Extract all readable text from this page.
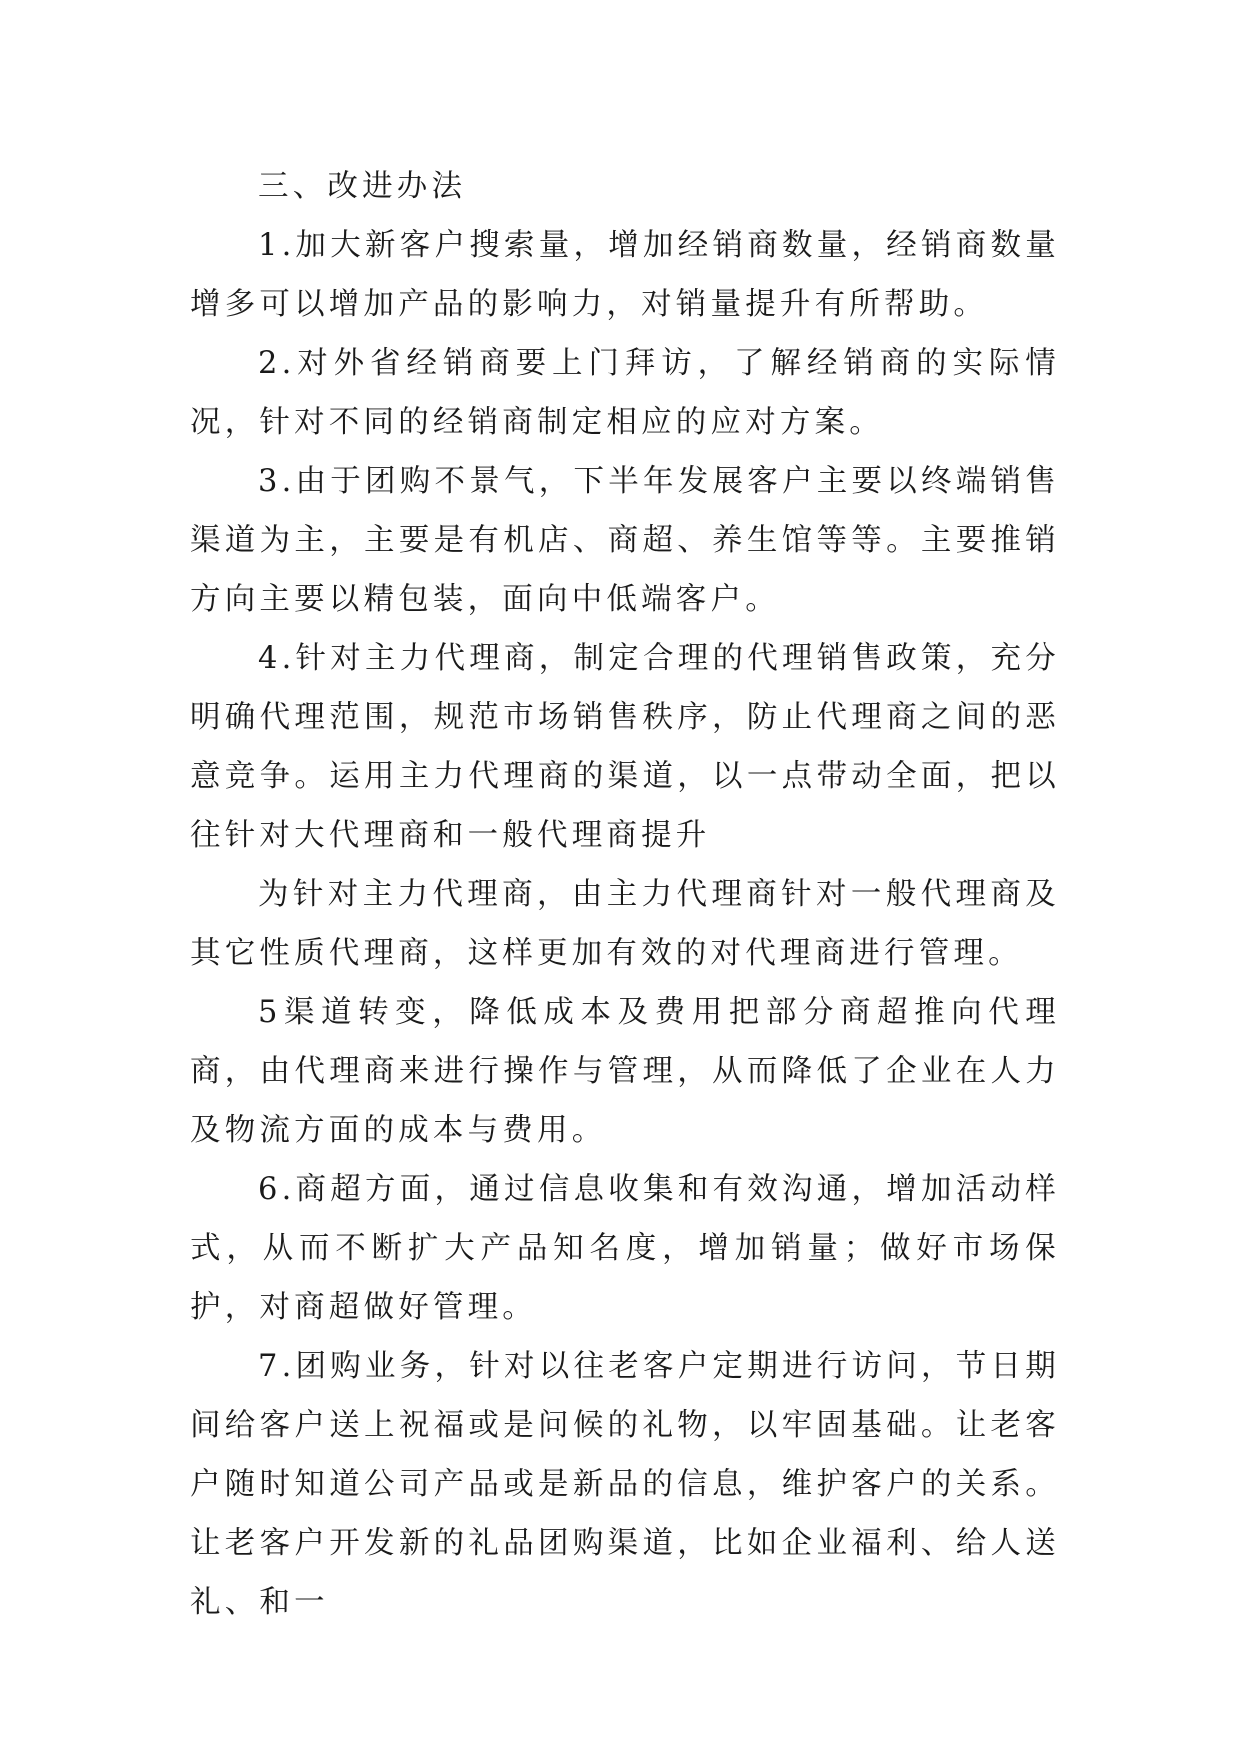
三、改进办法

1.加大新客户搜索量，增加经销商数量，经销商数量增多可以增加产品的影响力，对销量提升有所帮助。

2.对外省经销商要上门拜访，了解经销商的实际情况，针对不同的经销商制定相应的应对方案。

3.由于团购不景气，下半年发展客户主要以终端销售渠道为主，主要是有机店、商超、养生馆等等。主要推销方向主要以精包装，面向中低端客户。

4.针对主力代理商，制定合理的代理销售政策，充分明确代理范围，规范市场销售秩序，防止代理商之间的恶意竞争。运用主力代理商的渠道，以一点带动全面，把以往针对大代理商和一般代理商提升

为针对主力代理商，由主力代理商针对一般代理商及其它性质代理商，这样更加有效的对代理商进行管理。

5渠道转变，降低成本及费用把部分商超推向代理商，由代理商来进行操作与管理，从而降低了企业在人力及物流方面的成本与费用。

6.商超方面，通过信息收集和有效沟通，增加活动样式，从而不断扩大产品知名度，增加销量；做好市场保护，对商超做好管理。

7.团购业务，针对以往老客户定期进行访问，节日期间给客户送上祝福或是问候的礼物，以牢固基础。让老客户随时知道公司产品或是新品的信息，维护客户的关系。让老客户开发新的礼品团购渠道，比如企业福利、给人送礼、和一
